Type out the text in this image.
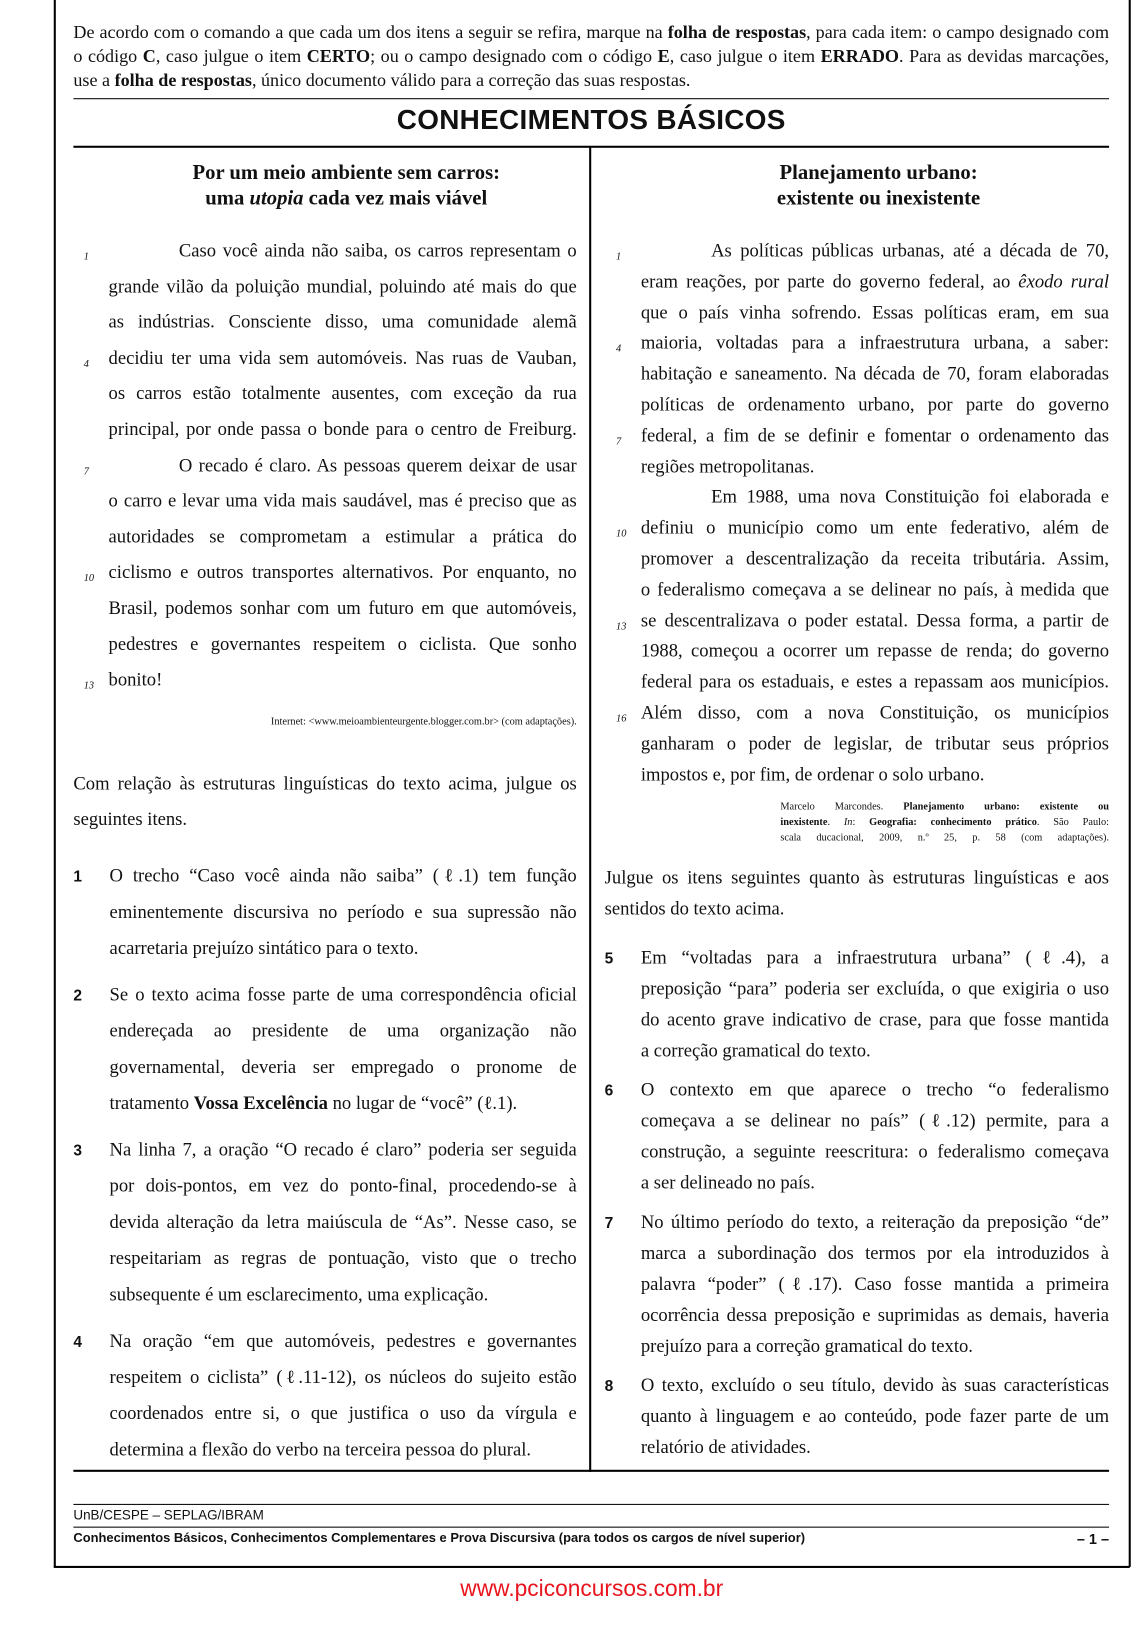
De acordo com o comando a que cada um dos itens a seguir se refira, marque na folha de respostas, para cada item: o campo designado com o código C, caso julgue o item CERTO; ou o campo designado com o código E, caso julgue o item ERRADO. Para as devidas marcações, use a folha de respostas, único documento válido para a correção das suas respostas.
CONHECIMENTOS BÁSICOS
Por um meio ambiente sem carros:
uma utopia cada vez mais viável
1	Caso você ainda não saiba, os carros representam o
grande vilão da poluição mundial, poluindo até mais do que
as indústrias. Consciente disso, uma comunidade alemã
4 decidiu ter uma vida sem automóveis. Nas ruas de Vauban,
os carros estão totalmente ausentes, com exceção da rua
principal, por onde passa o bonde para o centro de Freiburg.
7	O recado é claro. As pessoas querem deixar de usar
o carro e levar uma vida mais saudável, mas é preciso que as
autoridades se comprometam a estimular a prática do
10 ciclismo e outros transportes alternativos. Por enquanto, no
Brasil, podemos sonhar com um futuro em que automóveis,
pedestres e governantes respeitem o ciclista. Que sonho
13 bonito!
Internet: <www.meioambienteurgente.blogger.com.br> (com adaptações).
Com relação às estruturas linguísticas do texto acima, julgue os
seguintes itens.
1 O trecho “Caso você ainda não saiba” (ℓ.1) tem função
eminentemente discursiva no período e sua supressão não
acarretaria prejuízo sintático para o texto.
2 Se o texto acima fosse parte de uma correspondência oficial
endereçada ao presidente de uma organização não
governamental, deveria ser empregado o pronome de
tratamento Vossa Excelência no lugar de “você” (ℓ.1).
3 Na linha 7, a oração “O recado é claro” poderia ser seguida
por dois-pontos, em vez do ponto-final, procedendo-se à
devida alteração da letra maiúscula de “As”. Nesse caso, se
respeitariam as regras de pontuação, visto que o trecho
subsequente é um esclarecimento, uma explicação.
4 Na oração “em que automóveis, pedestres e governantes
respeitem o ciclista” (ℓ.11-12), os núcleos do sujeito estão
coordenados entre si, o que justifica o uso da vírgula e
determina a flexão do verbo na terceira pessoa do plural.
Planejamento urbano:
existente ou inexistente
1	As políticas públicas urbanas, até a década de 70,
eram reações, por parte do governo federal, ao êxodo rural
que o país vinha sofrendo. Essas políticas eram, em sua
4 maioria, voltadas para a infraestrutura urbana, a saber:
habitação e saneamento. Na década de 70, foram elaboradas
políticas de ordenamento urbano, por parte do governo
7 federal, a fim de se definir e fomentar o ordenamento das
regiões metropolitanas.
Em 1988, uma nova Constituição foi elaborada e
10 definiu o município como um ente federativo, além de
promover a descentralização da receita tributária. Assim,
o federalismo começava a se delinear no país, à medida que
13 se descentralizava o poder estatal. Dessa forma, a partir de
1988, começou a ocorrer um repasse de renda; do governo
federal para os estaduais, e estes a repassam aos municípios.
16 Além disso, com a nova Constituição, os municípios
ganharam o poder de legislar, de tributar seus próprios
impostos e, por fim, de ordenar o solo urbano.
Marcelo Marcondes. Planejamento urbano: existente ou
inexistente. In: Geografia: conhecimento prático. São Paulo:
scala ducacional, 2009, n.º 25, p. 58 (com adaptações).
Julgue os itens seguintes quanto às estruturas linguísticas e aos
sentidos do texto acima.
5 Em “voltadas para a infraestrutura urbana” (ℓ.4), a
preposição “para” poderia ser excluída, o que exigiria o uso
do acento grave indicativo de crase, para que fosse mantida
a correção gramatical do texto.
6 O contexto em que aparece o trecho “o federalismo
começava a se delinear no país” (ℓ.12) permite, para a
construção, a seguinte reescritura: o federalismo começava
a ser delineado no país.
7 No último período do texto, a reiteração da preposição “de”
marca a subordinação dos termos por ela introduzidos à
palavra “poder” (ℓ.17). Caso fosse mantida a primeira
ocorrência dessa preposição e suprimidas as demais, haveria
prejuízo para a correção gramatical do texto.
8 O texto, excluído o seu título, devido às suas características
quanto à linguagem e ao conteúdo, pode fazer parte de um
relatório de atividades.
UnB/CESPE – SEPLAG/IBRAM
Conhecimentos Básicos, Conhecimentos Complementares e Prova Discursiva (para todos os cargos de nível superior)	– 1 –
www.pciconcursos.com.br
